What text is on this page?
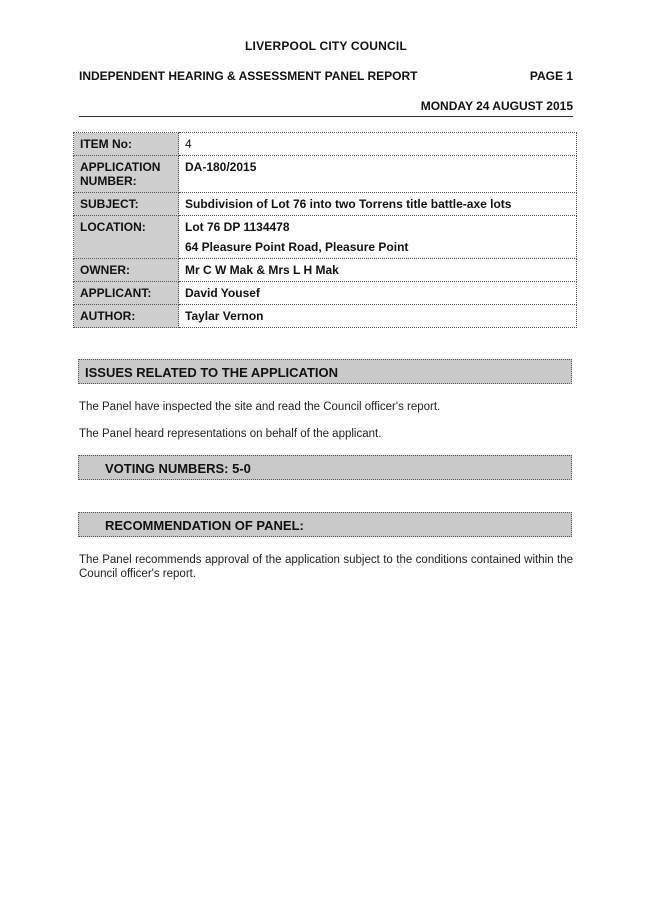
LIVERPOOL CITY COUNCIL
INDEPENDENT HEARING & ASSESSMENT PANEL REPORT	PAGE 1
MONDAY 24 AUGUST 2015
ITEM No:	4
APPLICATION NUMBER:	DA-180/2015
SUBJECT:	Subdivision of Lot 76 into two Torrens title battle-axe lots
LOCATION:	Lot 76 DP 1134478
64 Pleasure Point Road, Pleasure Point

OWNER:	Mr C W Mak & Mrs L H Mak
APPLICANT:	David Yousef
AUTHOR:	Taylar Vernon
ISSUES RELATED TO THE APPLICATION
The Panel have inspected the site and read the Council officer's report.
The Panel heard representations on behalf of the applicant.
VOTING NUMBERS: 5-0
RECOMMENDATION OF PANEL:
The Panel recommends approval of the application subject to the conditions contained within the Council officer's report.
